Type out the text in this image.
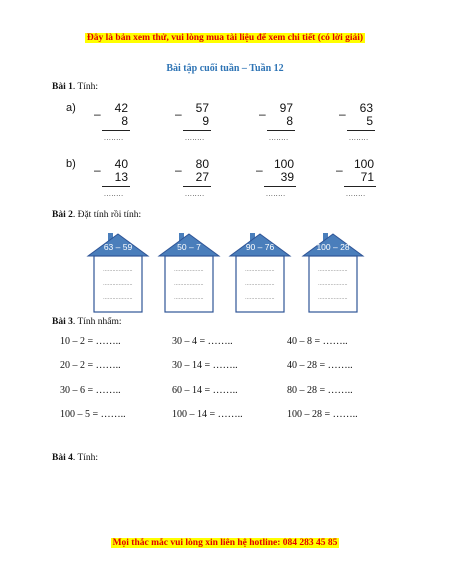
Đây là bản xem thử, vui lòng mua tài liệu để xem chi tiết (có lời giải)
Bài tập cuối tuần – Tuần 12
Bài 1. Tính:
a)
b)
– 42
8
........
– 57
9
........
– 97
8
........
– 63
5
........
– 40
13
........
– 80
27
........
– 100
39
........
– 100
71
........
Bài 2. Đặt tính rồi tính:
63 – 59
...................
...................
...................
50 – 7
...................
...................
...................
90 – 76
...................
...................
...................
100 – 28
...................
...................
...................
Bài 3. Tính nhẩm:
10 – 2 = ……..	30 – 4 = ……..	40 – 8 = ……..
20 – 2 = ……..	30 – 14 = ……..	40 – 28 = ……..
30 – 6 = ……..	60 – 14 = ……..	80 – 28 = ……..
100 – 5 = ……..	100 – 14 = ……..	100 – 28 = ……..
Bài 4. Tính:
Mọi thắc mắc vui lòng xin liên hệ hotline: 084 283 45 85
